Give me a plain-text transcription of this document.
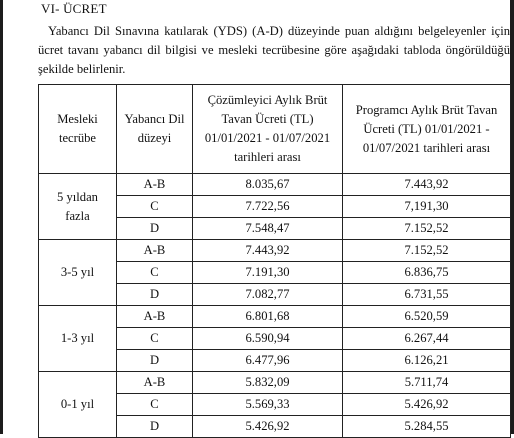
VI- ÜCRET
Yabancı Dil Sınavına katılarak (YDS) (A-D) düzeyinde puan aldığını belgeleyenler için ücret tavanı yabancı dil bilgisi ve mesleki tecrübesine göre aşağıdaki tabloda öngörüldüğü şekilde belirlenir.
Mesleki tecrübe	Yabancı Dil düzeyi	Çözümleyici Aylık Brüt Tavan Ücreti (TL) 01/01/2021 - 01/07/2021 tarihleri arası	Programcı Aylık Brüt Tavan Ücreti (TL) 01/01/2021 - 01/07/2021 tarihleri arası

5 yıldan fazla	A-B	8.035,67	7.443,92
	C	7.722,56	7,191,30
	D	7.548,47	7.152,52

3-5 yıl	A-B	7.443,92	7.152,52
	C	7.191,30	6.836,75
	D	7.082,77	6.731,55

1-3 yıl	A-B	6.801,68	6.520,59
	C	6.590,94	6.267,44
	D	6.477,96	6.126,21

0-1 yıl	A-B	5.832,09	5.711,74
	C	5.569,33	5.426,92
	D	5.426,92	5.284,55
